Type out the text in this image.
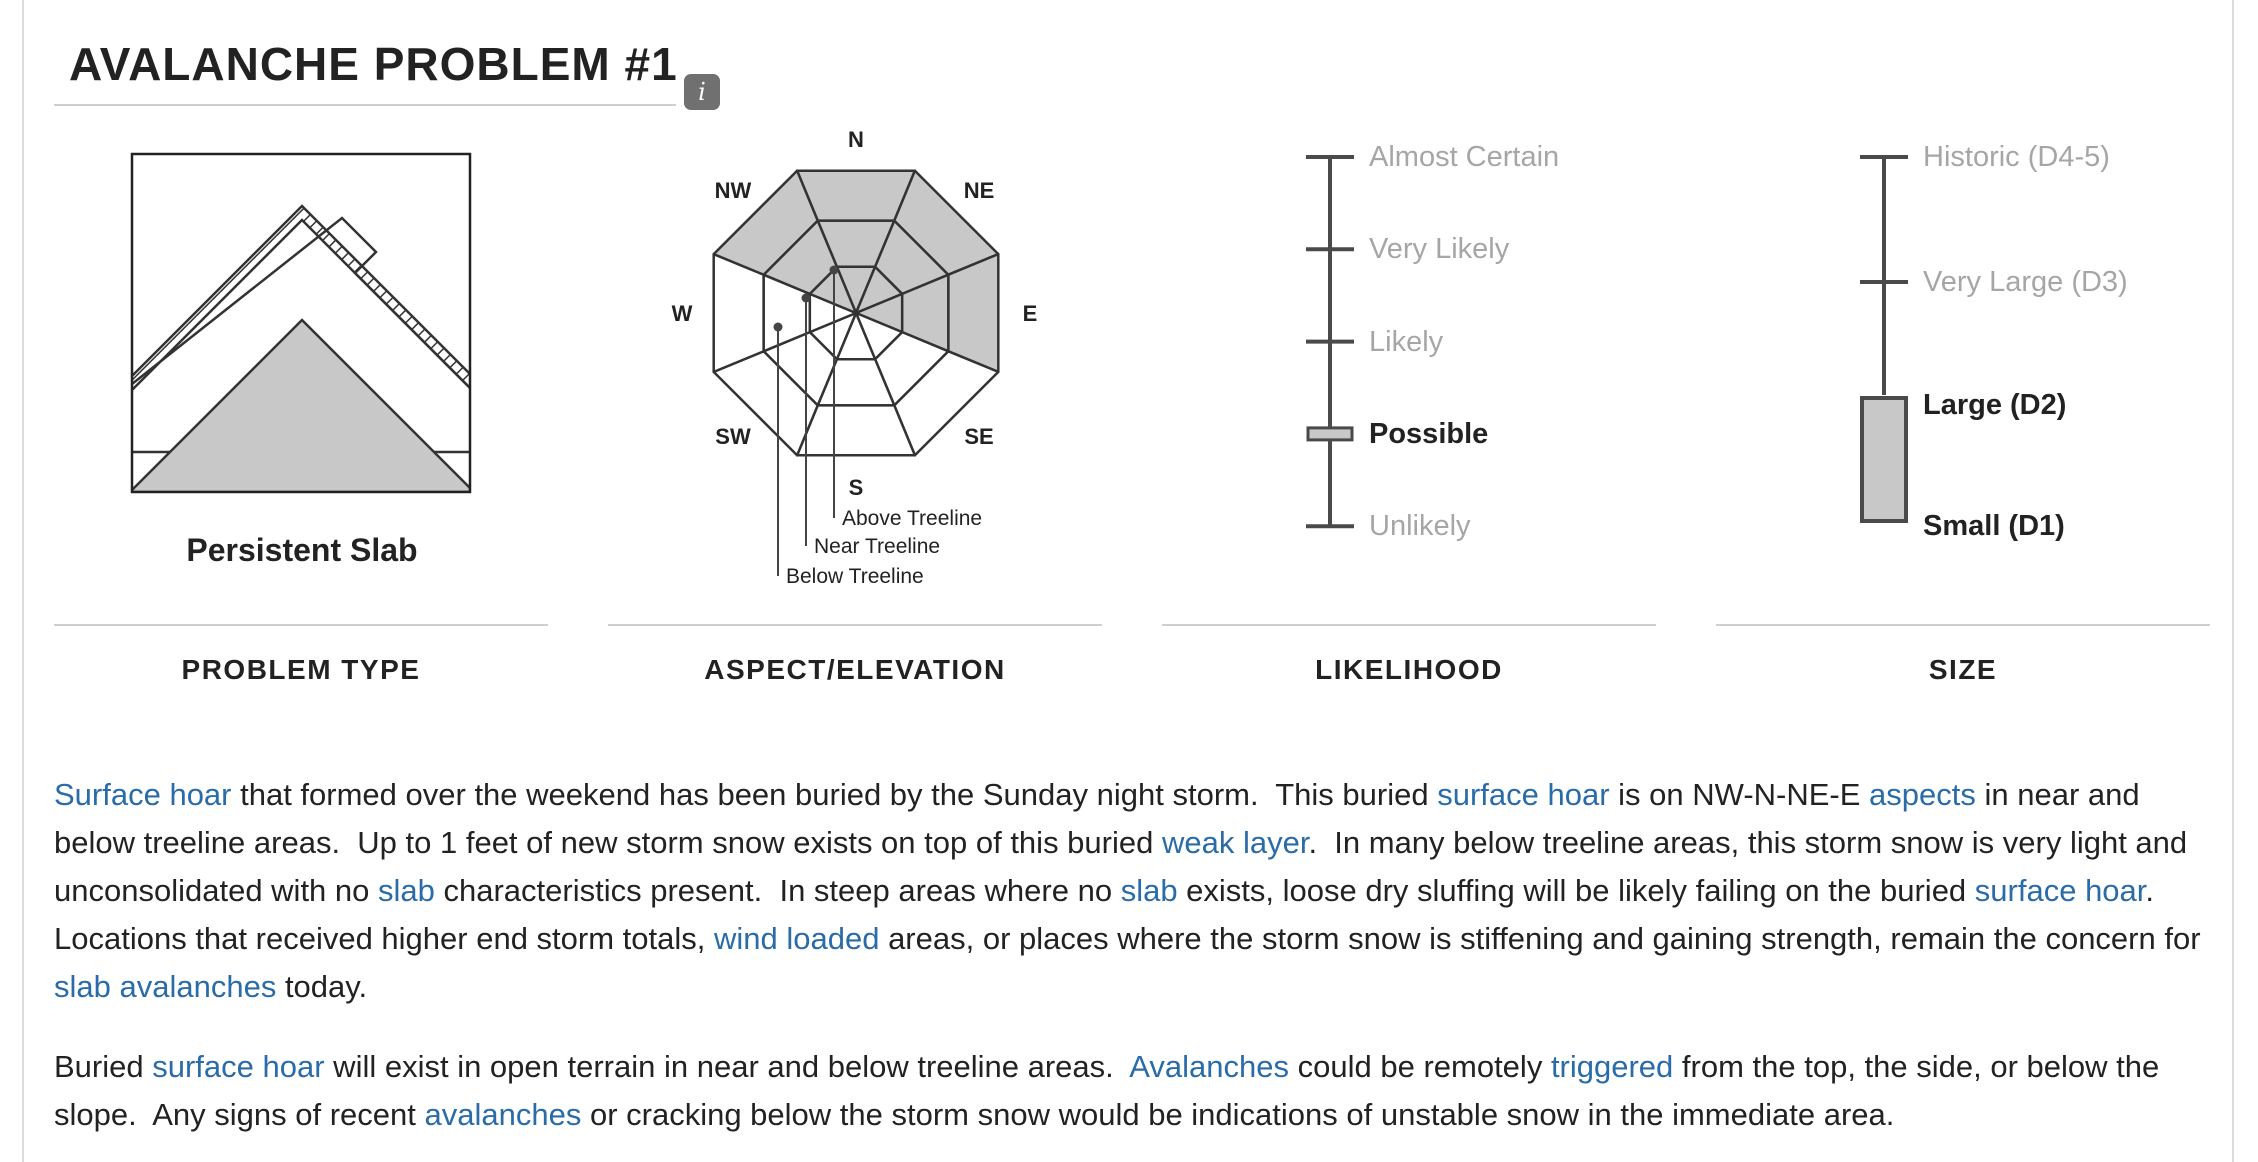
AVALANCHE PROBLEM #1
i
Persistent Slab
N
NE
E
SE
S
SW
W
NW
Above Treeline
Near Treeline
Below Treeline
Almost Certain
Very Likely
Likely
Possible
Unlikely
Historic (D4-5)
Very Large (D3)
Large (D2)
Small (D1)
PROBLEM TYPE	ASPECT/ELEVATION	LIKELIHOOD	SIZE

Surface hoar that formed over the weekend has been buried by the Sunday night storm.  This buried surface hoar is on NW-N-NE-E aspects in near and below treeline areas.  Up to 1 feet of new storm snow exists on top of this buried weak layer.  In many below treeline areas, this storm snow is very light and unconsolidated with no slab characteristics present.  In steep areas where no slab exists, loose dry sluffing will be likely failing on the buried surface hoar.  Locations that received higher end storm totals, wind loaded areas, or places where the storm snow is stiffening and gaining strength, remain the concern for slab avalanches today.

Buried surface hoar will exist in open terrain in near and below treeline areas.  Avalanches could be remotely triggered from the top, the side, or below the slope.  Any signs of recent avalanches or cracking below the storm snow would be indications of unstable snow in the immediate area.
